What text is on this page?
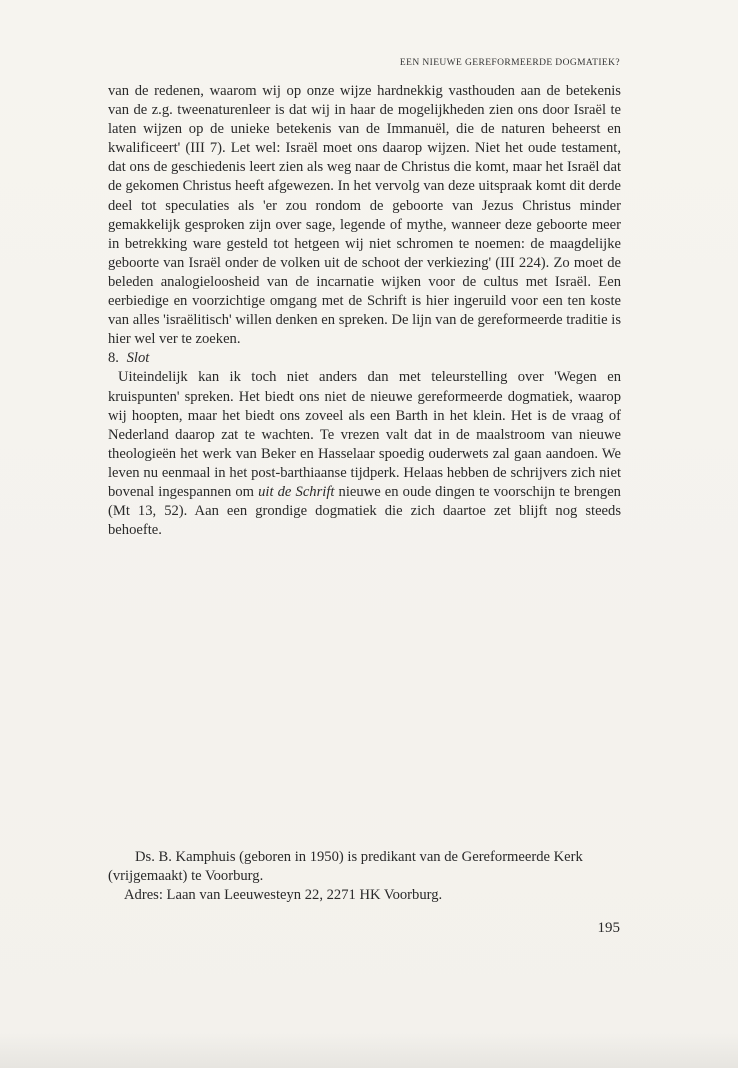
EEN NIEUWE GEREFORMEERDE DOGMATIEK?

van de redenen, waarom wij op onze wijze hardnekkig vasthouden aan de betekenis van de z.g. tweenaturenleer is dat wij in haar de mogelijkheden zien ons door Israël te laten wijzen op de unieke betekenis van de Immanuël, die de naturen beheerst en kwalificeert' (III 7). Let wel: Israël moet ons daarop wijzen. Niet het oude testament, dat ons de geschiedenis leert zien als weg naar de Christus die komt, maar het Israël dat de gekomen Christus heeft afgewezen. In het vervolg van deze uitspraak komt dit derde deel tot speculaties als 'er zou rondom de geboorte van Jezus Christus minder gemakkelijk gesproken zijn over sage, legende of mythe, wanneer deze geboorte meer in betrekking ware gesteld tot hetgeen wij niet schromen te noemen: de maagdelijke geboorte van Israël onder de volken uit de schoot der verkiezing' (III 224). Zo moet de beleden analogieloosheid van de incarnatie wijken voor de cultus met Israël. Een eerbiedige en voorzichtige omgang met de Schrift is hier ingeruild voor een ten koste van alles 'israëlitisch' willen denken en spreken. De lijn van de gereformeerde traditie is hier wel ver te zoeken.

8. Slot

Uiteindelijk kan ik toch niet anders dan met teleurstelling over 'Wegen en kruispunten' spreken. Het biedt ons niet de nieuwe gereformeerde dogmatiek, waarop wij hoopten, maar het biedt ons zoveel als een Barth in het klein. Het is de vraag of Nederland daarop zat te wachten. Te vrezen valt dat in de maalstroom van nieuwe theologieën het werk van Beker en Hasselaar spoedig ouderwets zal gaan aandoen. We leven nu eenmaal in het post-barthiaanse tijdperk. Helaas hebben de schrijvers zich niet bovenal ingespannen om uit de Schrift nieuwe en oude dingen te voorschijn te brengen (Mt 13, 52). Aan een grondige dogmatiek die zich daartoe zet blijft nog steeds behoefte.

Ds. B. Kamphuis (geboren in 1950) is predikant van de Gereformeerde Kerk (vrijgemaakt) te Voorburg.

Adres: Laan van Leeuwesteyn 22, 2271 HK Voorburg.

195
